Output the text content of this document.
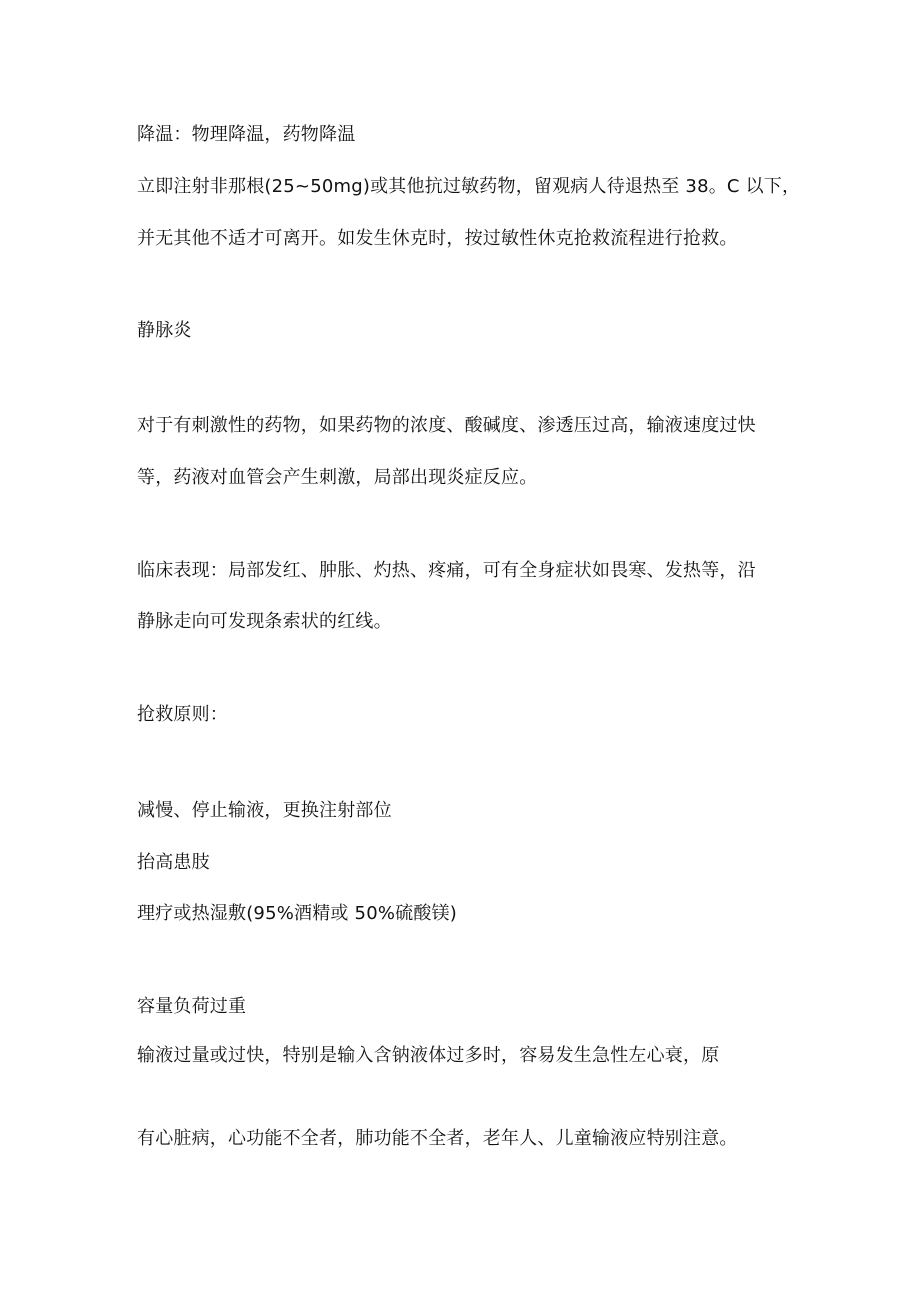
降温：物理降温，药物降温
立即注射非那根(25~50mg)或其他抗过敏药物，留观病人待退热至 38。C 以下，
并无其他不适才可离开。如发生休克时，按过敏性休克抢救流程进行抢救。
静脉炎
对于有刺激性的药物，如果药物的浓度、酸碱度、渗透压过高，输液速度过快
等，药液对血管会产生刺激，局部出现炎症反应。
临床表现：局部发红、肿胀、灼热、疼痛，可有全身症状如畏寒、发热等，沿
静脉走向可发现条索状的红线。
抢救原则：
减慢、停止输液，更换注射部位
抬高患肢
理疗或热湿敷(95%酒精或 50%硫酸镁)
容量负荷过重
输液过量或过快，特别是输入含钠液体过多时，容易发生急性左心衰，原
有心脏病，心功能不全者，肺功能不全者，老年人、儿童输液应特别注意。
